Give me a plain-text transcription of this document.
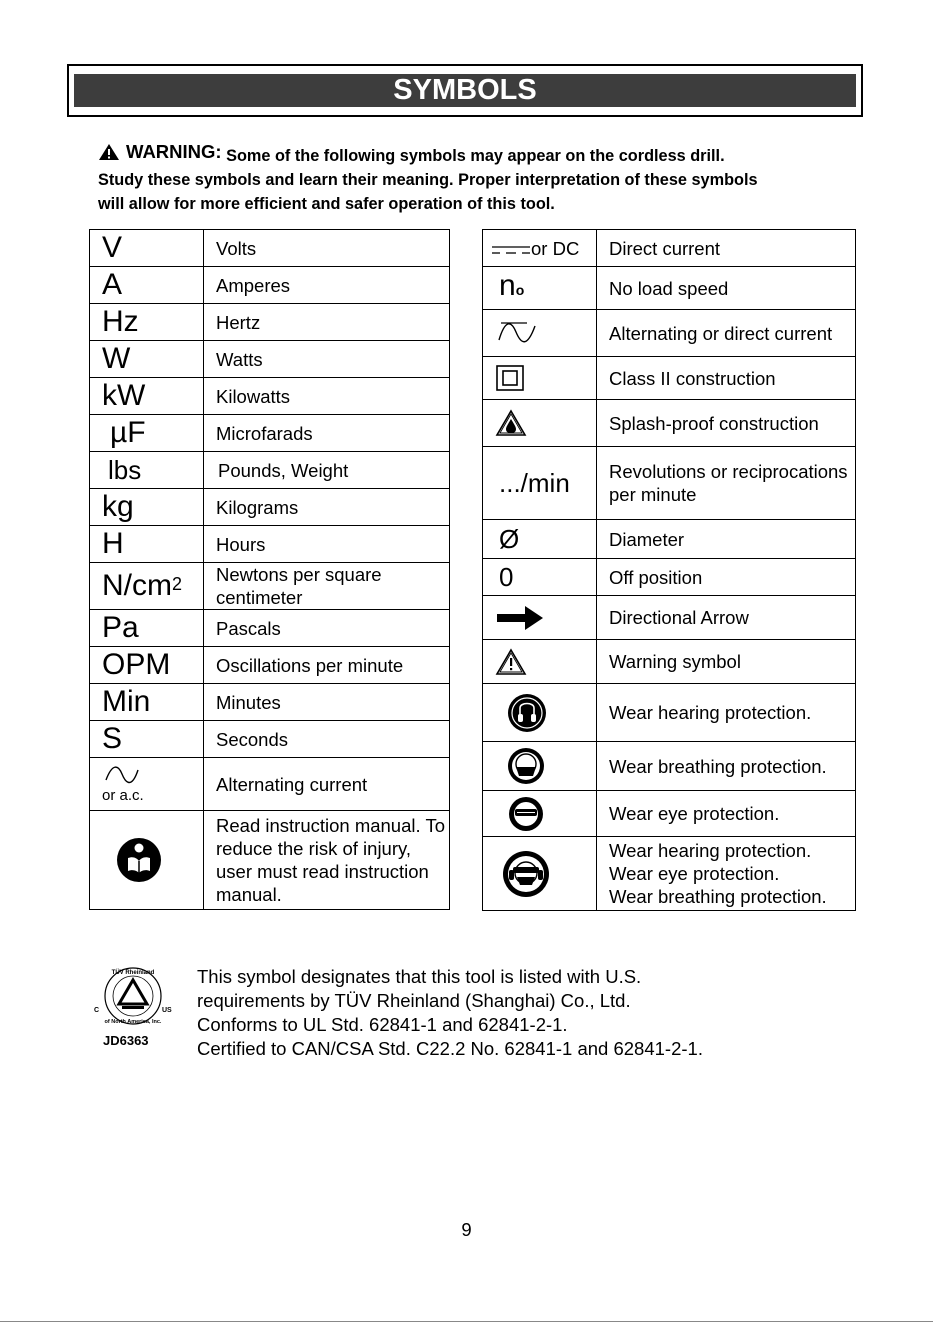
SYMBOLS
WARNING: Some of the following symbols may appear on the cordless drill.
Study these symbols and learn their meaning. Proper interpretation of these symbols
will allow for more efficient and safer operation of this tool.
V	Volts
A	Amperes
Hz	Hertz
W	Watts
kW	Kilowatts
µF	Microfarads
lbs	Pounds, Weight
kg	Kilograms
H	Hours
$N/cm^2$	Newtons per square centimeter
Pa	Pascals
OPM	Oscillations per minute
Min	Minutes
S	Seconds

or a.c.	Alternating current

	Read instruction manual. To reduce the risk of injury, user must read instruction manual.
or DC	Direct current
no	No load speed

	Alternating or direct current

	Class II construction

	Splash-proof construction
.../min	Revolutions or reciprocations per minute
Ø	Diameter
0	Off position

	Directional Arrow

	Warning symbol

	Wear hearing protection.

	Wear breathing protection.

	Wear eye protection.

Wear hearing protection.
Wear eye protection.
Wear breathing protection.
TÜV Rheinland
of North America, Inc.
C	US
JD6363
This symbol designates that this tool is listed with U.S.
requirements by TÜV Rheinland (Shanghai) Co., Ltd.
Conforms to UL Std. 62841-1 and 62841-2-1.
Certified to CAN/CSA Std. C22.2 No. 62841-1 and 62841-2-1.
9
